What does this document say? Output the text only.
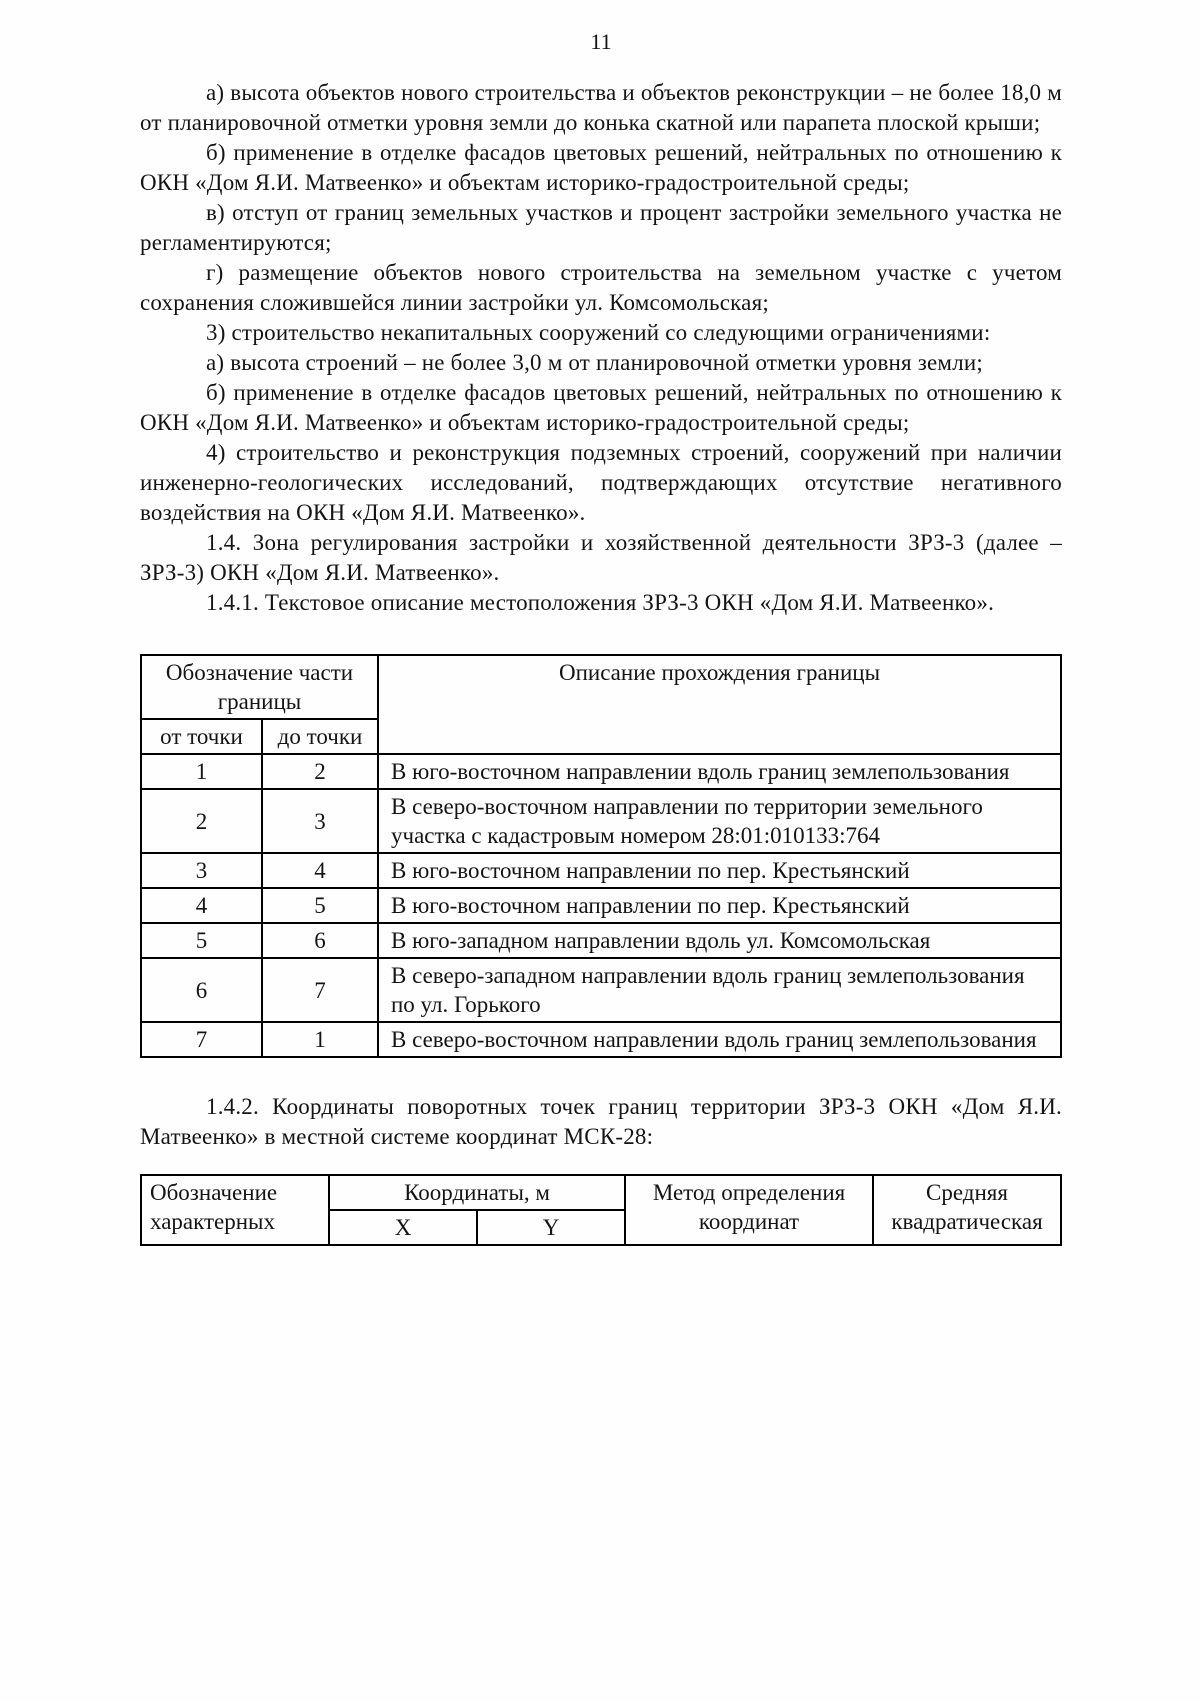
11

а) высота объектов нового строительства и объектов реконструкции – не более 18,0 м от планировочной отметки уровня земли до конька скатной или парапета плоской крыши;

б) применение в отделке фасадов цветовых решений, нейтральных по отношению к ОКН «Дом Я.И. Матвеенко» и объектам историко-градостроительной среды;

в) отступ от границ земельных участков и процент застройки земельного участка не регламентируются;

г) размещение объектов нового строительства на земельном участке с учетом сохранения сложившейся линии застройки ул. Комсомольская;

3) строительство некапитальных сооружений со следующими ограничениями:

а) высота строений – не более 3,0 м от планировочной отметки уровня земли;

б) применение в отделке фасадов цветовых решений, нейтральных по отношению к ОКН «Дом Я.И. Матвеенко» и объектам историко-градостроительной среды;

4) строительство и реконструкция подземных строений, сооружений при наличии инженерно-геологических исследований, подтверждающих отсутствие негативного воздействия на ОКН «Дом Я.И. Матвеенко».

1.4. Зона регулирования застройки и хозяйственной деятельности ЗРЗ-3 (далее – ЗРЗ-3) ОКН «Дом Я.И. Матвеенко».

1.4.1. Текстовое описание местоположения ЗРЗ-3 ОКН «Дом Я.И. Матвеенко».

Обозначение части границы		Описание прохождения границы
от точки	до точки	
1	2	В юго-восточном направлении вдоль границ землепользования
2	3	В северо-восточном направлении по территории земельного участка с кадастровым номером 28:01:010133:764
3	4	В юго-восточном направлении по пер. Крестьянский
4	5	В юго-восточном направлении по пер. Крестьянский
5	6	В юго-западном направлении вдоль ул. Комсомольская
6	7	В северо-западном направлении вдоль границ землепользования по ул. Горького
7	1	В северо-восточном направлении вдоль границ землепользования

1.4.2. Координаты поворотных точек границ территории ЗРЗ-3 ОКН «Дом Я.И. Матвеенко» в местной системе координат МСК-28:

Обозначение характерных	Координаты, м		Метод определения координат	Средняя квадратическая
	X	Y		
